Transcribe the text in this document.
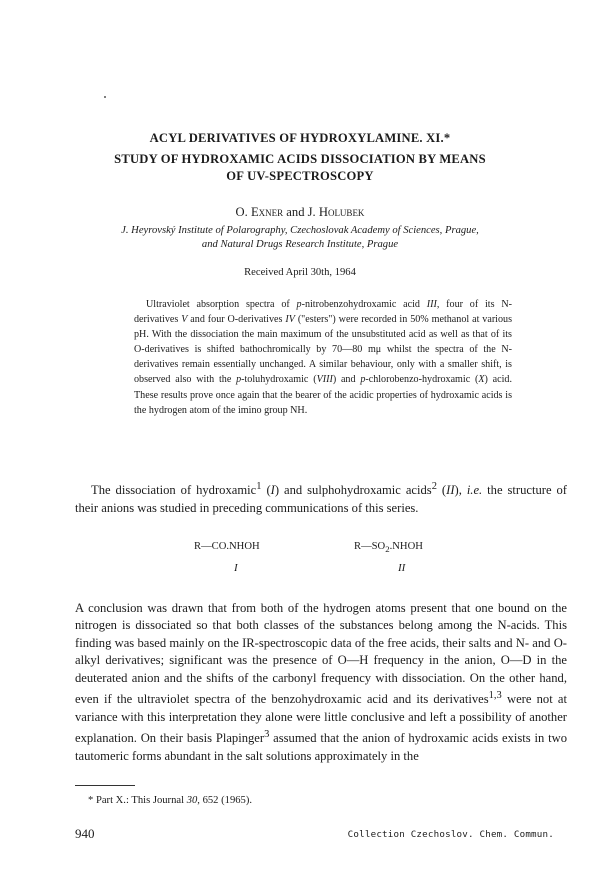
ACYL DERIVATIVES OF HYDROXYLAMINE. XI.*
STUDY OF HYDROXAMIC ACIDS DISSOCIATION BY MEANS
OF UV-SPECTROSCOPY
O. Exner and J. Holubek
J. Heyrovský Institute of Polarography, Czechoslovak Academy of Sciences, Prague,
and Natural Drugs Research Institute, Prague
Received April 30th, 1964
Ultraviolet absorption spectra of p-nitrobenzohydroxamic acid III, four of its N-derivatives V and four O-derivatives IV ("esters") were recorded in 50% methanol at various pH. With the dissociation the main maximum of the unsubstituted acid as well as that of its O-derivatives is shifted bathochromically by 70—80 mμ whilst the spectra of the N-derivatives remain essentially unchanged. A similar behaviour, only with a smaller shift, is observed also with the p-toluhydroxamic (VIII) and p-chlorobenzo-hydroxamic (X) acid. These results prove once again that the bearer of the acidic properties of hydroxamic acids is the hydrogen atom of the imino group NH.
The dissociation of hydroxamic$^1$ (I) and sulphohydroxamic acids$^2$ (II), i.e. the structure of their anions was studied in preceding communications of this series.
R—CO.NHOH	$R—SO_2.NHOH$
I	II
A conclusion was drawn that from both of the hydrogen atoms present that one bound on the nitrogen is dissociated so that both classes of the substances belong among the N-acids. This finding was based mainly on the IR-spectroscopic data of the free acids, their salts and N- and O-alkyl derivatives; significant was the presence of O—H frequency in the anion, O—D in the deuterated anion and the shifts of the carbonyl frequency with dissociation. On the other hand, even if the ultraviolet spectra of the benzohydroxamic acid and its derivatives$^{1,3}$ were not at variance with this interpretation they alone were little conclusive and left a possibility of another explanation. On their basis Plapinger$^3$ assumed that the anion of hydroxamic acids exists in two tautomeric forms abundant in the salt solutions approximately in the
* Part X.: This Journal 30, 652 (1965).
940	Collection Czechoslov. Chem. Commun.
